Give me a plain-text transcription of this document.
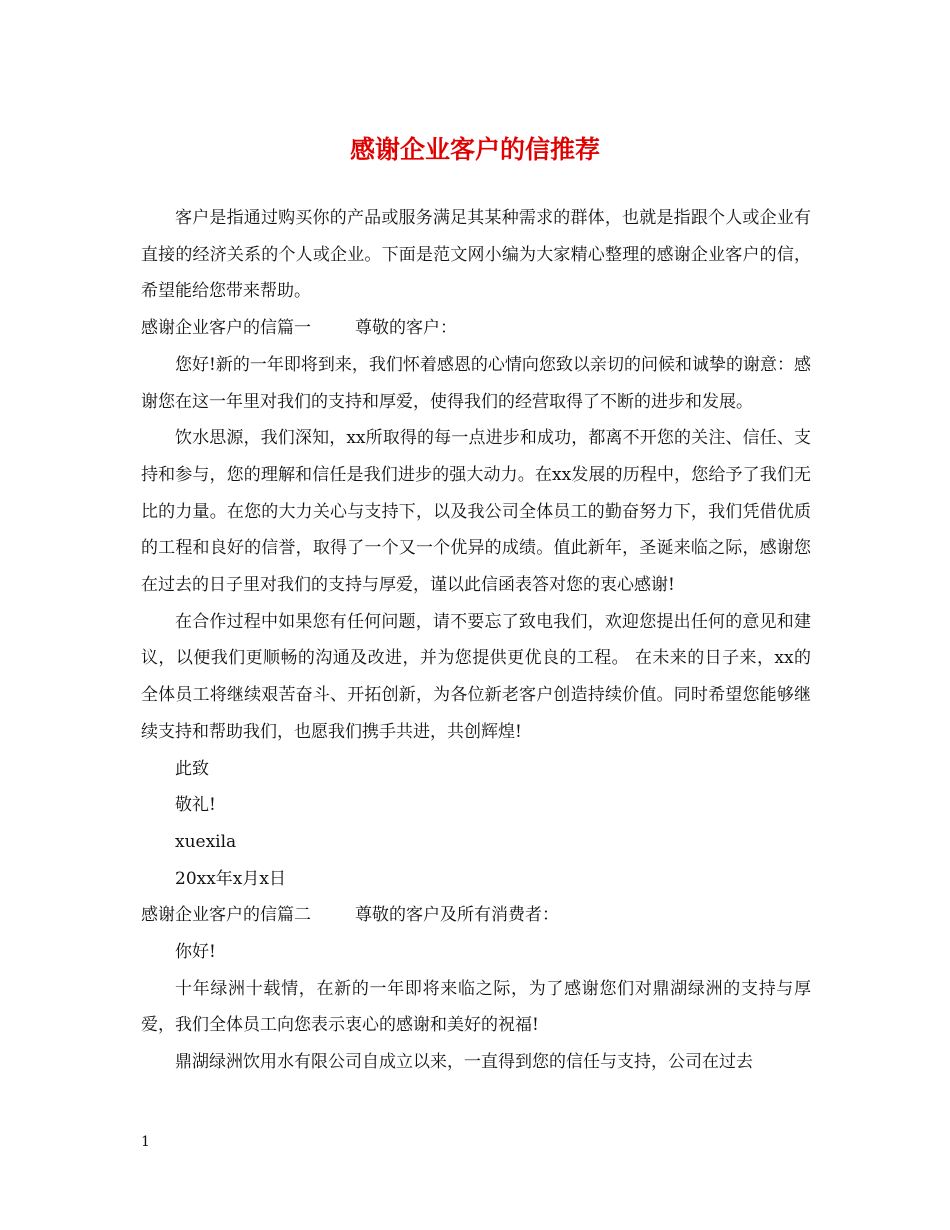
感谢企业客户的信推荐

客户是指通过购买你的产品或服务满足其某种需求的群体，也就是指跟个人或企业有直接的经济关系的个人或企业。下面是范文网小编为大家精心整理的感谢企业客户的信，希望能给您带来帮助。

感谢企业客户的信篇一	尊敬的客户：

您好!新的一年即将到来，我们怀着感恩的心情向您致以亲切的问候和诚挚的谢意：感谢您在这一年里对我们的支持和厚爱，使得我们的经营取得了不断的进步和发展。

饮水思源，我们深知，xx所取得的每一点进步和成功，都离不开您的关注、信任、支持和参与，您的理解和信任是我们进步的强大动力。在xx发展的历程中，您给予了我们无比的力量。在您的大力关心与支持下，以及我公司全体员工的勤奋努力下，我们凭借优质的工程和良好的信誉，取得了一个又一个优异的成绩。值此新年，圣诞来临之际，感谢您在过去的日子里对我们的支持与厚爱，谨以此信函表答对您的衷心感谢!

在合作过程中如果您有任何问题，请不要忘了致电我们，欢迎您提出任何的意见和建议，以便我们更顺畅的沟通及改进，并为您提供更优良的工程。 在未来的日子来，xx的全体员工将继续艰苦奋斗、开拓创新，为各位新老客户创造持续价值。同时希望您能够继续支持和帮助我们，也愿我们携手共进，共创辉煌!

此致

敬礼!

xuexila

20xx年x月x日

感谢企业客户的信篇二	尊敬的客户及所有消费者：

你好!

十年绿洲十载情，在新的一年即将来临之际，为了感谢您们对鼎湖绿洲的支持与厚爱，我们全体员工向您表示衷心的感谢和美好的祝福!

鼎湖绿洲饮用水有限公司自成立以来，一直得到您的信任与支持，公司在过去

1
